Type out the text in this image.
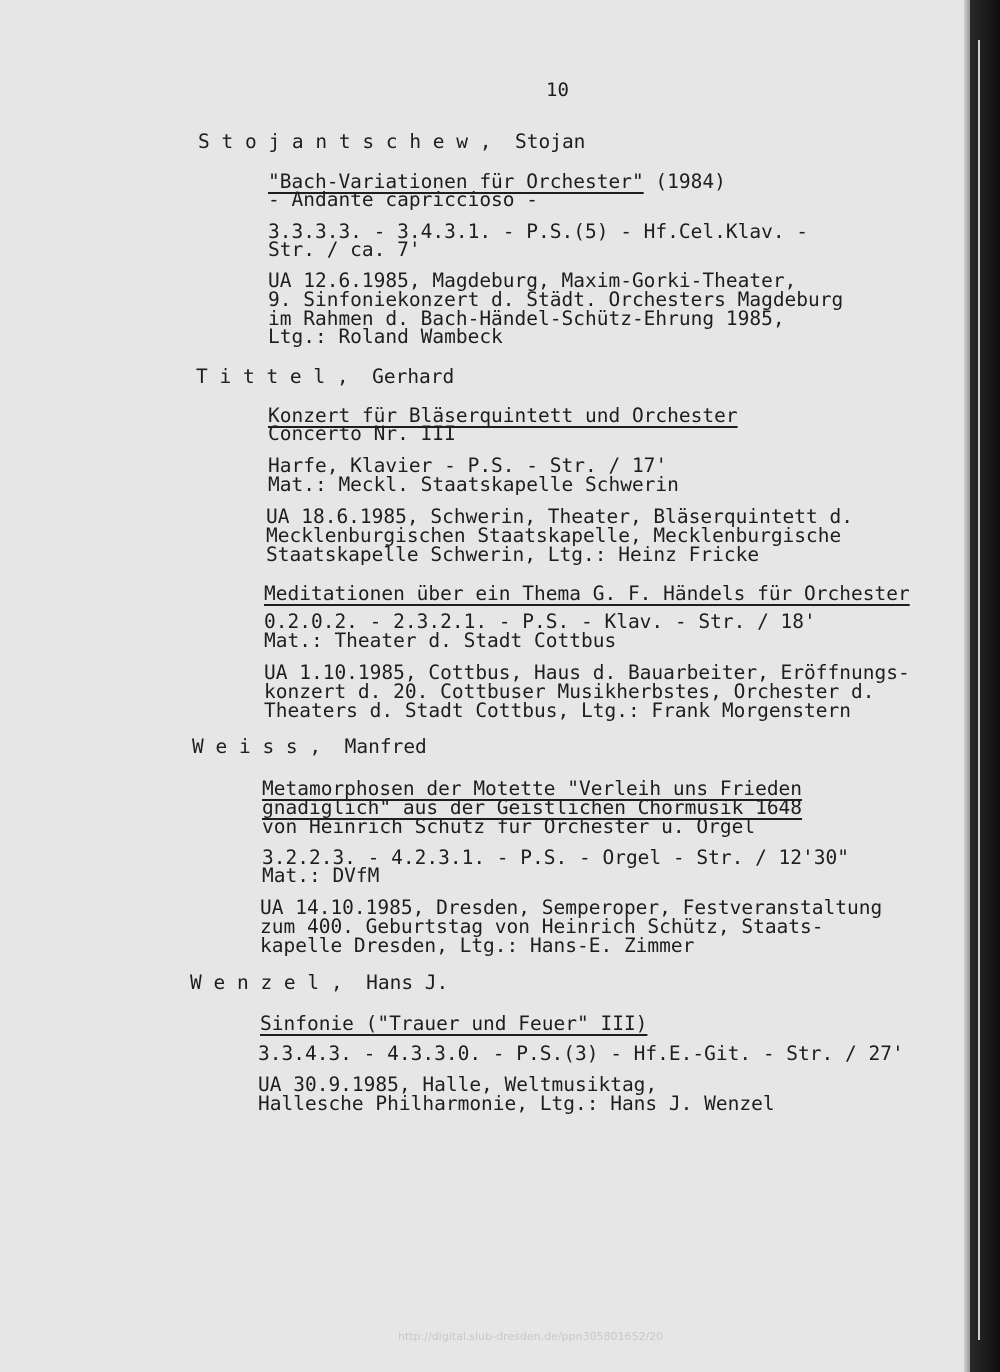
10
S t o j a n t s c h e w ,  Stojan
"Bach-Variationen für Orchester" (1984)
- Andante capriccioso -
3.3.3.3. - 3.4.3.1. - P.S.(5) - Hf.Cel.Klav. -
Str. / ca. 7'
UA 12.6.1985, Magdeburg, Maxim-Gorki-Theater,
9. Sinfoniekonzert d. Städt. Orchesters Magdeburg
im Rahmen d. Bach-Händel-Schütz-Ehrung 1985,
Ltg.: Roland Wambeck
T i t t e l ,  Gerhard
Konzert für Bläserquintett und Orchester
Concerto Nr. III
Harfe, Klavier - P.S. - Str. / 17'
Mat.: Meckl. Staatskapelle Schwerin
UA 18.6.1985, Schwerin, Theater, Bläserquintett d.
Mecklenburgischen Staatskapelle, Mecklenburgische
Staatskapelle Schwerin, Ltg.: Heinz Fricke
Meditationen über ein Thema G. F. Händels für Orchester
0.2.0.2. - 2.3.2.1. - P.S. - Klav. - Str. / 18'
Mat.: Theater d. Stadt Cottbus
UA 1.10.1985, Cottbus, Haus d. Bauarbeiter, Eröffnungs-
konzert d. 20. Cottbuser Musikherbstes, Orchester d.
Theaters d. Stadt Cottbus, Ltg.: Frank Morgenstern
W e i s s ,  Manfred
Metamorphosen der Motette "Verleih uns Frieden
gnädiglich" aus der Geistlichen Chormusik 1648
von Heinrich Schütz für Orchester u. Orgel
3.2.2.3. - 4.2.3.1. - P.S. - Orgel - Str. / 12'30"
Mat.: DVfM
UA 14.10.1985, Dresden, Semperoper, Festveranstaltung
zum 400. Geburtstag von Heinrich Schütz, Staats-
kapelle Dresden, Ltg.: Hans-E. Zimmer
W e n z e l ,  Hans J.
Sinfonie ("Trauer und Feuer" III)
3.3.4.3. - 4.3.3.0. - P.S.(3) - Hf.E.-Git. - Str. / 27'
UA 30.9.1985, Halle, Weltmusiktag,
Hallesche Philharmonie, Ltg.: Hans J. Wenzel
http://digital.slub-dresden.de/ppn305801652/20
